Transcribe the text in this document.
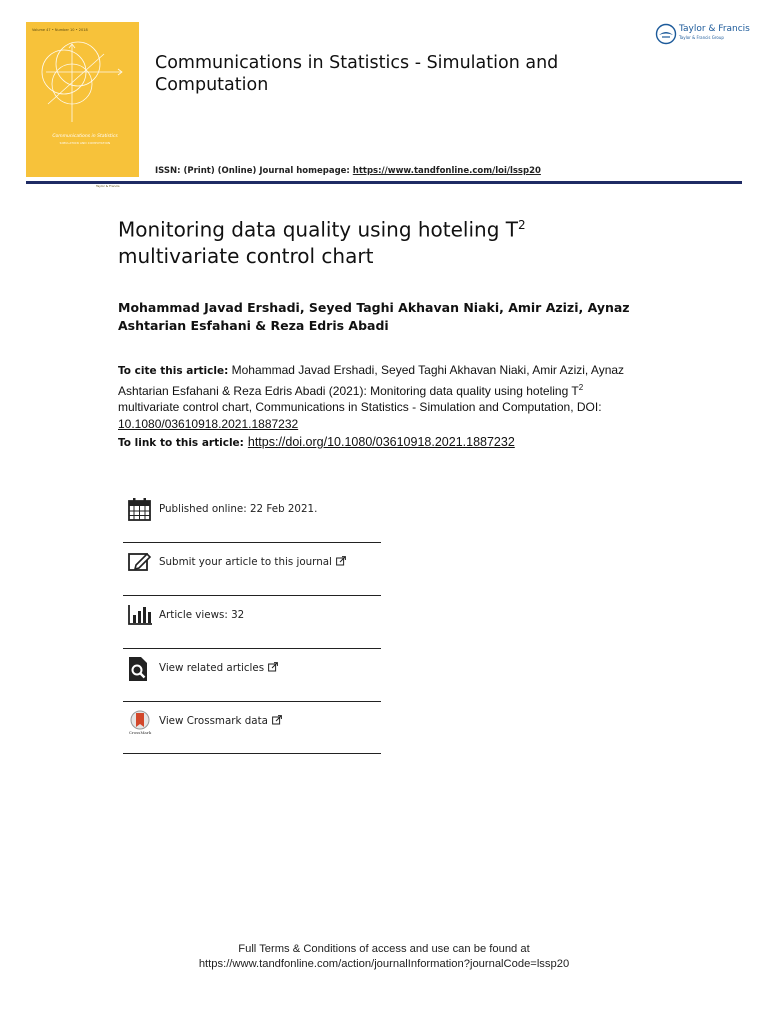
Volume 47 • Number 10 • 2018
Communications in Statistics
SIMULATION AND COMPUTATION
Taylor & Francis
Communications in Statistics - Simulation and
Computation
Taylor & Francis
Taylor & Francis Group
ISSN: (Print) (Online) Journal homepage: https://www.tandfonline.com/loi/lssp20
Monitoring data quality using hoteling $T^2$
multivariate control chart
Mohammad Javad Ershadi, Seyed Taghi Akhavan Niaki, Amir Azizi, Aynaz Ashtarian Esfahani & Reza Edris Abadi
To cite this article: Mohammad Javad Ershadi, Seyed Taghi Akhavan Niaki, Amir Azizi, Aynaz Ashtarian Esfahani & Reza Edris Abadi (2021): Monitoring data quality using hoteling $T^2$ multivariate control chart, Communications in Statistics - Simulation and Computation, DOI: 10.1080/03610918.2021.1887232
To link to this article: https://doi.org/10.1080/03610918.2021.1887232
Published online: 22 Feb 2021.
Submit your article to this journal
Article views: 32
View related articles
CrossMark
View Crossmark data
Full Terms & Conditions of access and use can be found at
https://www.tandfonline.com/action/journalInformation?journalCode=lssp20
